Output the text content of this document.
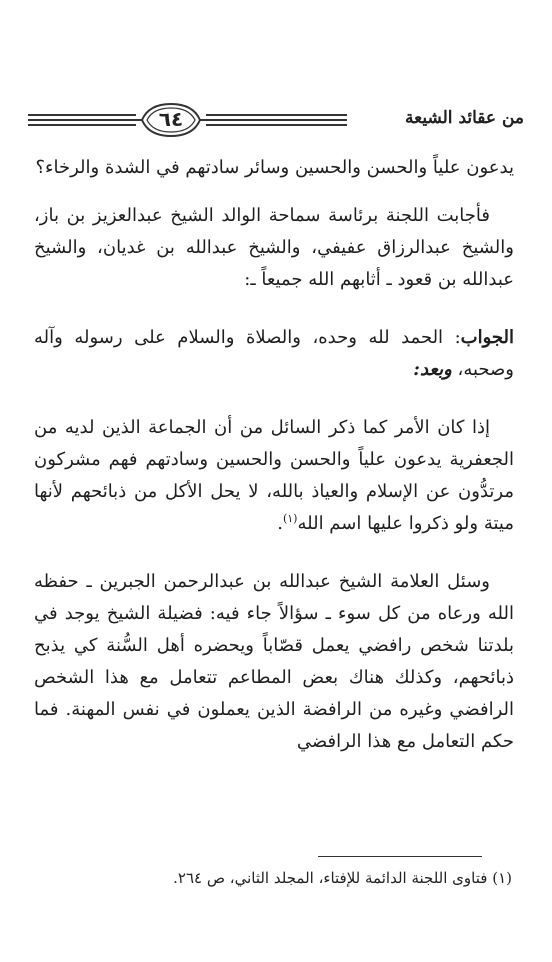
٦٤	من عقائد الشيعة

يدعون علياً والحسن والحسين وسائر سادتهم في الشدة والرخاء؟

فأجابت اللجنة برئاسة سماحة الوالد الشيخ عبدالعزيز بن باز، والشيخ عبدالرزاق عفيفي، والشيخ عبدالله بن غديان، والشيخ عبدالله بن قعود ـ أثابهم الله جميعاً ـ:

الجواب: الحمد لله وحده، والصلاة والسلام على رسوله وآله وصحبه، وبعد:

إذا كان الأمر كما ذكر السائل من أن الجماعة الذين لديه من الجعفرية يدعون علياً والحسن والحسين وسادتهم فهم مشركون مرتدُّون عن الإسلام والعياذ بالله، لا يحل الأكل من ذبائحهم لأنها ميتة ولو ذكروا عليها اسم الله$^{(١)}$.

وسئل العلامة الشيخ عبدالله بن عبدالرحمن الجبرين ـ حفظه الله ورعاه من كل سوء ـ سؤالاً جاء فيه: فضيلة الشيخ يوجد في بلدتنا شخص رافضي يعمل قصّاباً ويحضره أهل السُّنة كي يذبح ذبائحهم، وكذلك هناك بعض المطاعم تتعامل مع هذا الشخص الرافضي وغيره من الرافضة الذين يعملون في نفس المهنة. فما حكم التعامل مع هذا الرافضي

(١) فتاوى اللجنة الدائمة للإفتاء، المجلد الثاني، ص ٢٦٤.
